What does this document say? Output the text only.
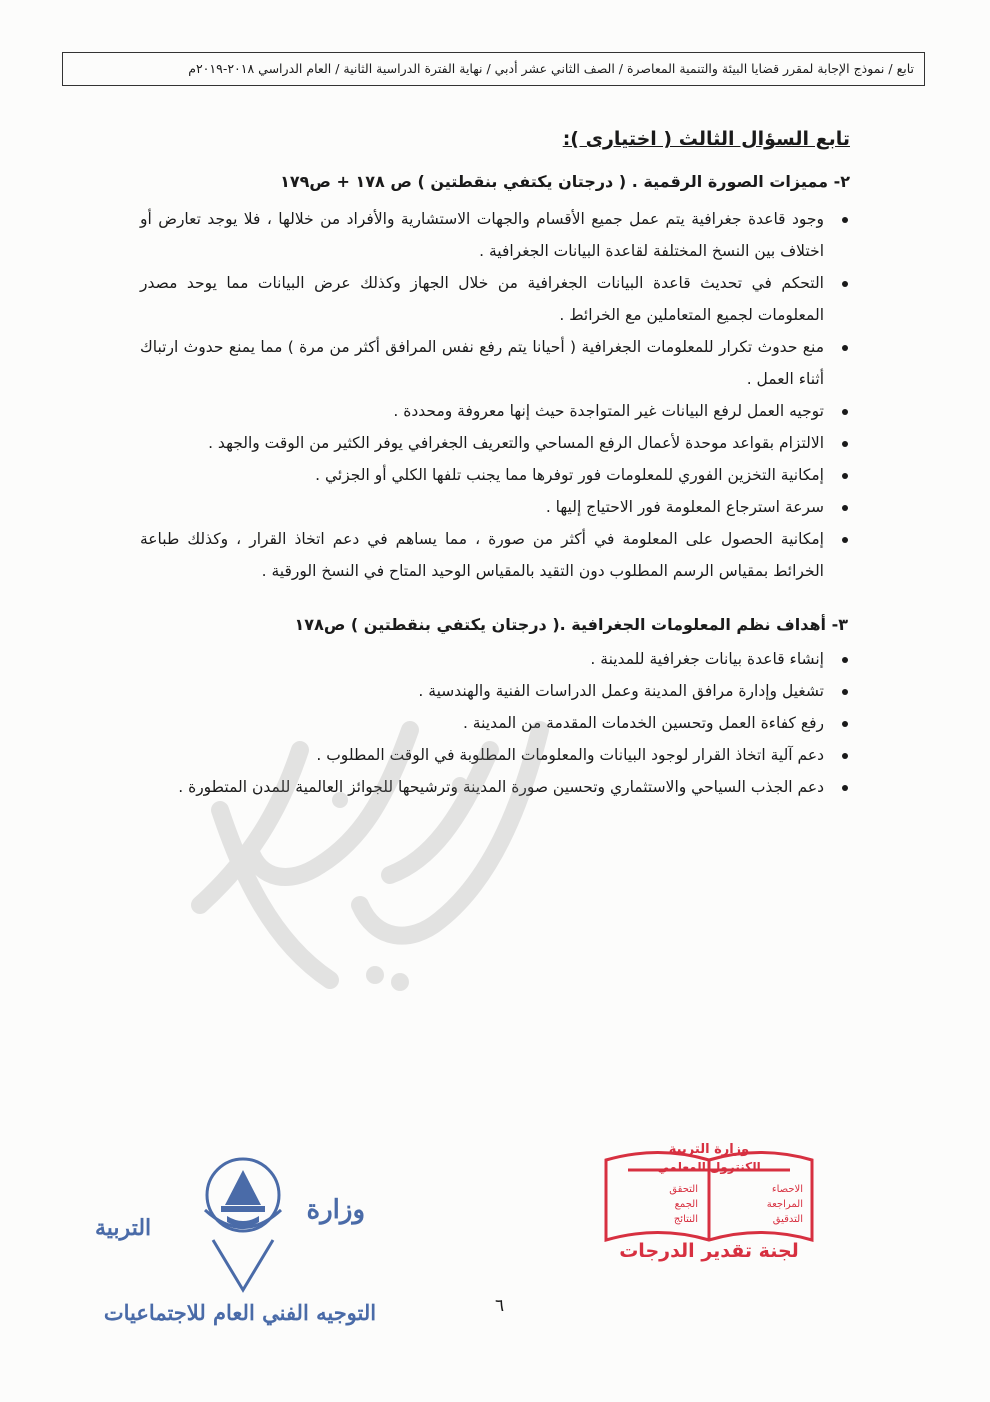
تابع / نموذج الإجابة لمقرر قضايا البيئة والتنمية المعاصرة / الصف الثاني عشر أدبي / نهاية الفترة الدراسية الثانية / العام الدراسي ٢٠١٨-٢٠١٩م
تابع السؤال الثالث ( اختيارى ):
٢- مميزات الصورة الرقمية . ( درجتان يكتفي بنقطتين ) ص ١٧٨ + ص١٧٩
وجود قاعدة جغرافية يتم عمل جميع الأقسام والجهات الاستشارية والأفراد من خلالها ، فلا يوجد تعارض أو اختلاف بين النسخ المختلفة لقاعدة البيانات الجغرافية .
التحكم في تحديث قاعدة البيانات الجغرافية من خلال الجهاز وكذلك عرض البيانات مما يوحد مصدر المعلومات لجميع المتعاملين مع الخرائط .
منع حدوث تكرار للمعلومات الجغرافية ( أحيانا يتم رفع نفس المرافق أكثر من مرة ) مما يمنع حدوث ارتباك أثناء العمل .
توجيه العمل لرفع البيانات غير المتواجدة حيث إنها معروفة ومحددة .
الالتزام بقواعد موحدة لأعمال الرفع المساحي والتعريف الجغرافي يوفر الكثير من الوقت والجهد .
إمكانية التخزين الفوري للمعلومات فور توفرها مما يجنب تلفها الكلي أو الجزئي .
سرعة استرجاع المعلومة فور الاحتياج إليها .
إمكانية الحصول على المعلومة في أكثر من صورة ، مما يساهم في دعم اتخاذ القرار ، وكذلك طباعة الخرائط بمقياس الرسم المطلوب دون التقيد بالمقياس الوحيد المتاح في النسخ الورقية .
٣- أهداف نظم المعلومات الجغرافية .( درجتان يكتفي بنقطتين ) ص١٧٨
إنشاء قاعدة بيانات جغرافية للمدينة .
تشغيل وإدارة مرافق المدينة وعمل الدراسات الفنية والهندسية .
رفع كفاءة العمل وتحسين الخدمات المقدمة من المدينة .
دعم آلية اتخاذ القرار لوجود البيانات والمعلومات المطلوبة في الوقت المطلوب .
دعم الجذب السياحي والاستثماري وتحسين صورة المدينة وترشيحها للجوائز العالمية للمدن المتطورة .
٦
وزارة
التربية
التوجيه الفني العام للاجتماعيات
وزارة التربية
الكنترول المعلمي
الاحصاء
المراجعة
التدقيق
التحقق
الجمع
النتائج
لجنة تقدير الدرجات
